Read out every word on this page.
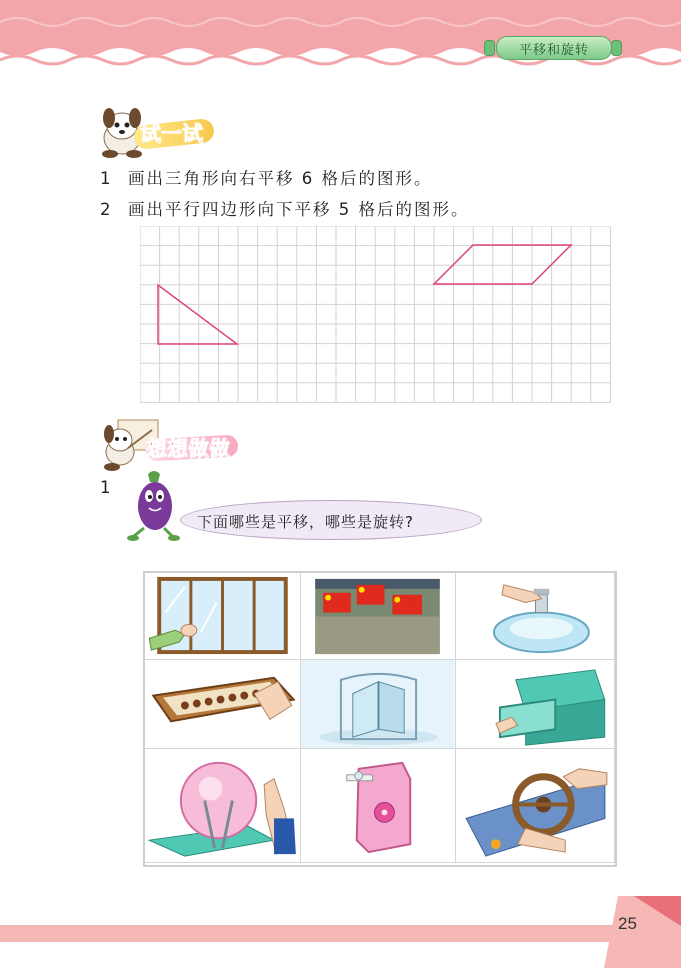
平移和旋转
试一试
1 画出三角形向右平移 6 格后的图形。
2 画出平行四边形向下平移 5 格后的图形。
想想做做
1
下面哪些是平移，哪些是旋转?
25
